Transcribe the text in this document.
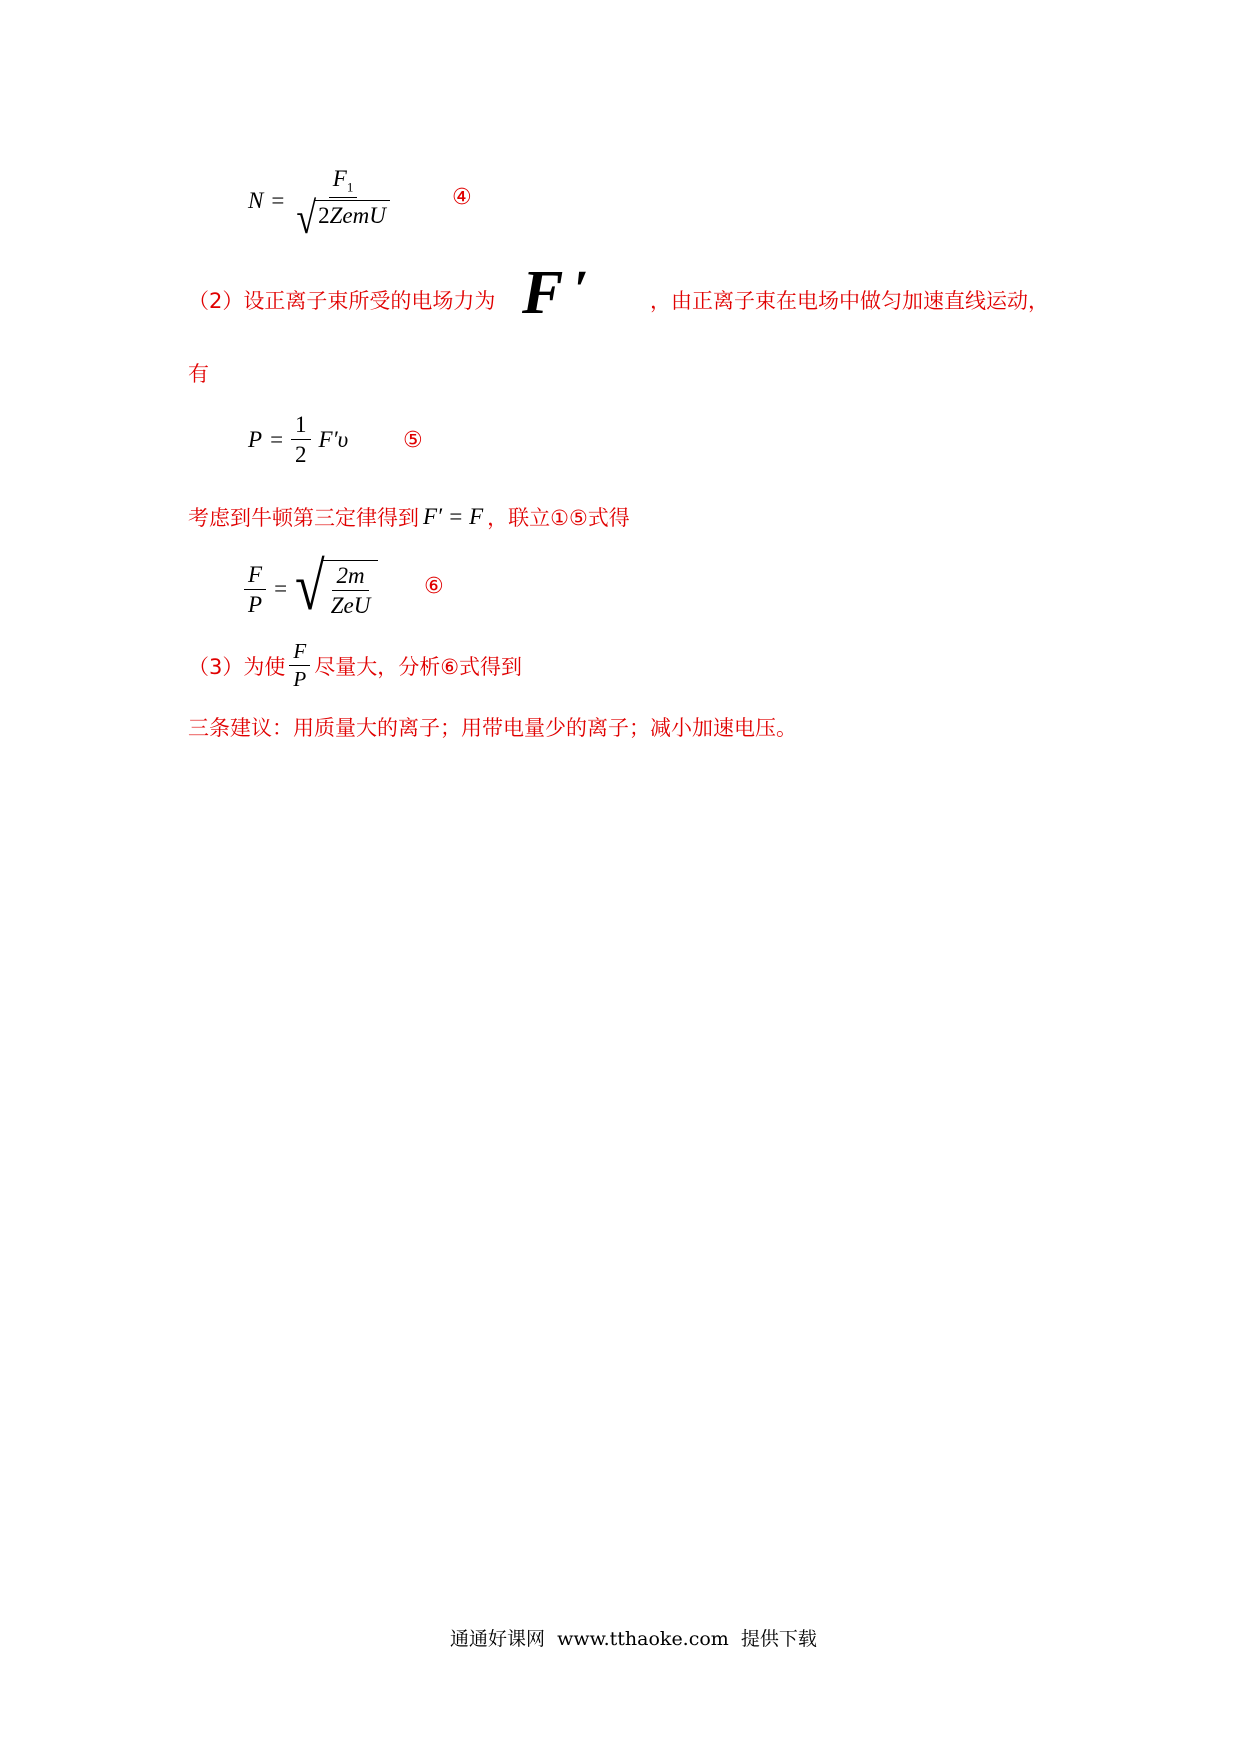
$N = \frac{F_1}{\text{√ 2ZemU}}$	④
（2）设正离子束所受的电场力为 F ′	，由正离子束在电场中做匀加速直线运动，
有
$P = \frac{1}{2} F'\upsilon$ ⑤
考虑到牛顿第三定律得到 F′ = F ，联立①⑤式得
$\frac{F}{P}$ = √ $\frac{2m}{\text{ZeU}}$ ⑥
（3）为使 $\frac{F}{P}$ 尽量大，分析⑥式得到
三条建议：用质量大的离子；用带电量少的离子；减小加速电压。
通通好课网  www.tthaoke.com  提供下载
